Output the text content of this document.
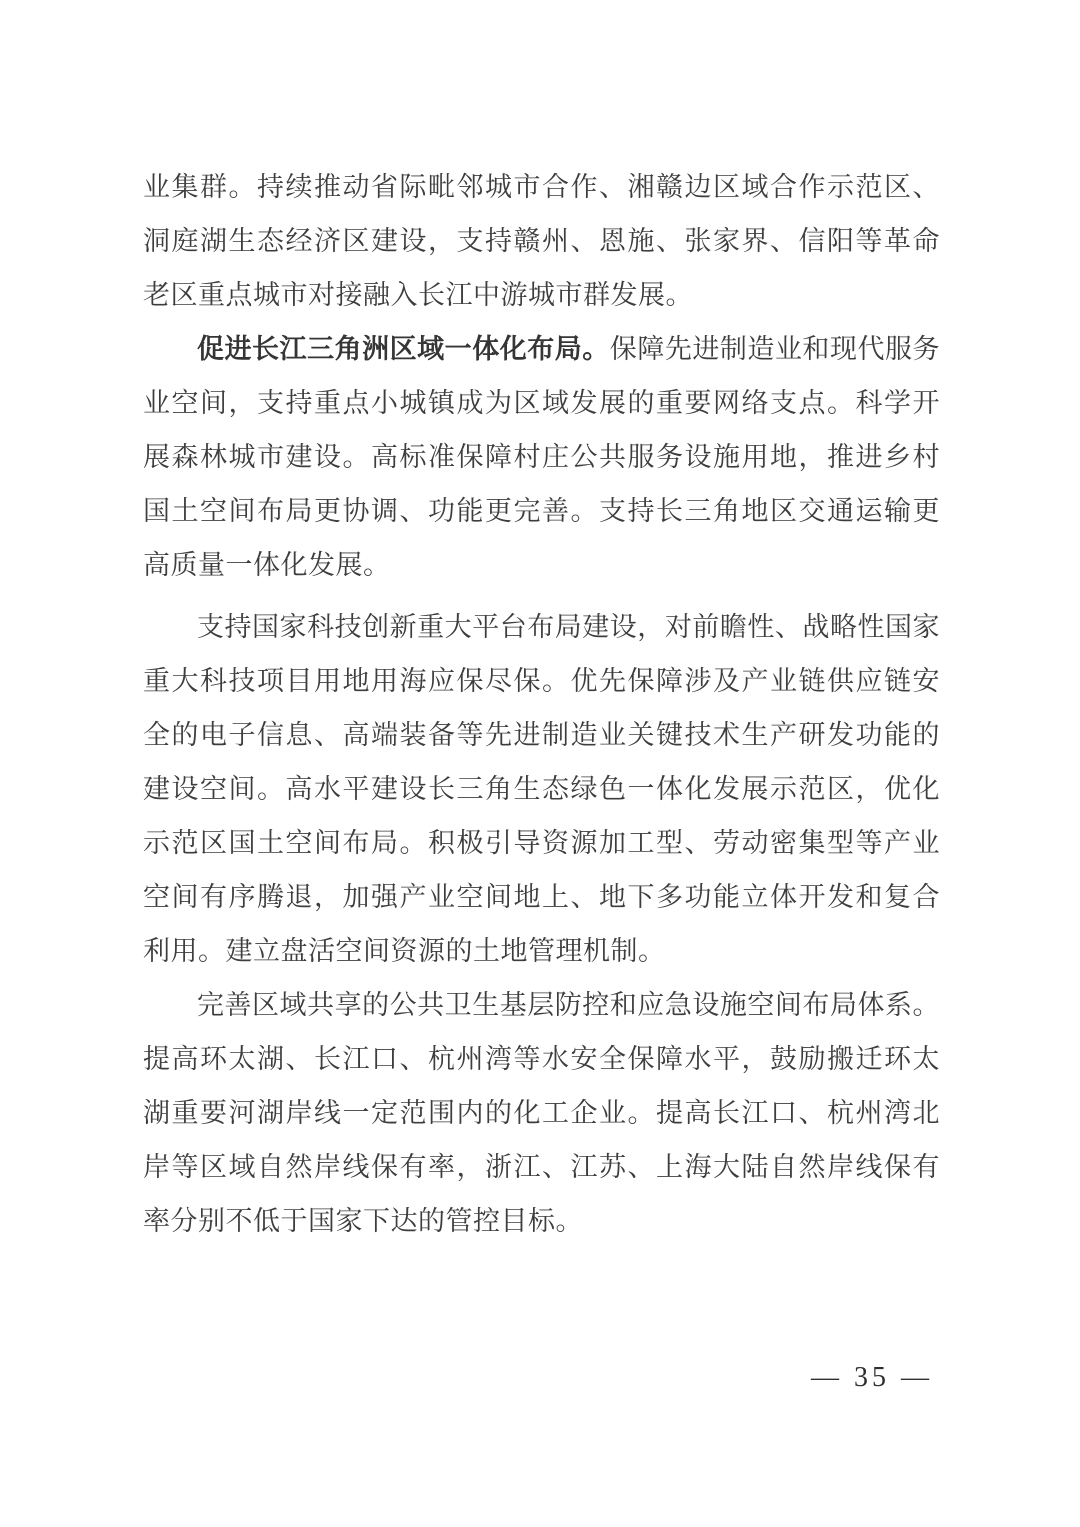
业集群。持续推动省际毗邻城市合作、湘赣边区域合作示范区、洞庭湖生态经济区建设，支持赣州、恩施、张家界、信阳等革命老区重点城市对接融入长江中游城市群发展。

促进长江三角洲区域一体化布局。保障先进制造业和现代服务业空间，支持重点小城镇成为区域发展的重要网络支点。科学开展森林城市建设。高标准保障村庄公共服务设施用地，推进乡村国土空间布局更协调、功能更完善。支持长三角地区交通运输更高质量一体化发展。

支持国家科技创新重大平台布局建设，对前瞻性、战略性国家重大科技项目用地用海应保尽保。优先保障涉及产业链供应链安全的电子信息、高端装备等先进制造业关键技术生产研发功能的建设空间。高水平建设长三角生态绿色一体化发展示范区，优化示范区国土空间布局。积极引导资源加工型、劳动密集型等产业空间有序腾退，加强产业空间地上、地下多功能立体开发和复合利用。建立盘活空间资源的土地管理机制。

完善区域共享的公共卫生基层防控和应急设施空间布局体系。提高环太湖、长江口、杭州湾等水安全保障水平，鼓励搬迁环太湖重要河湖岸线一定范围内的化工企业。提高长江口、杭州湾北岸等区域自然岸线保有率，浙江、江苏、上海大陆自然岸线保有率分别不低于国家下达的管控目标。

— 35 —
